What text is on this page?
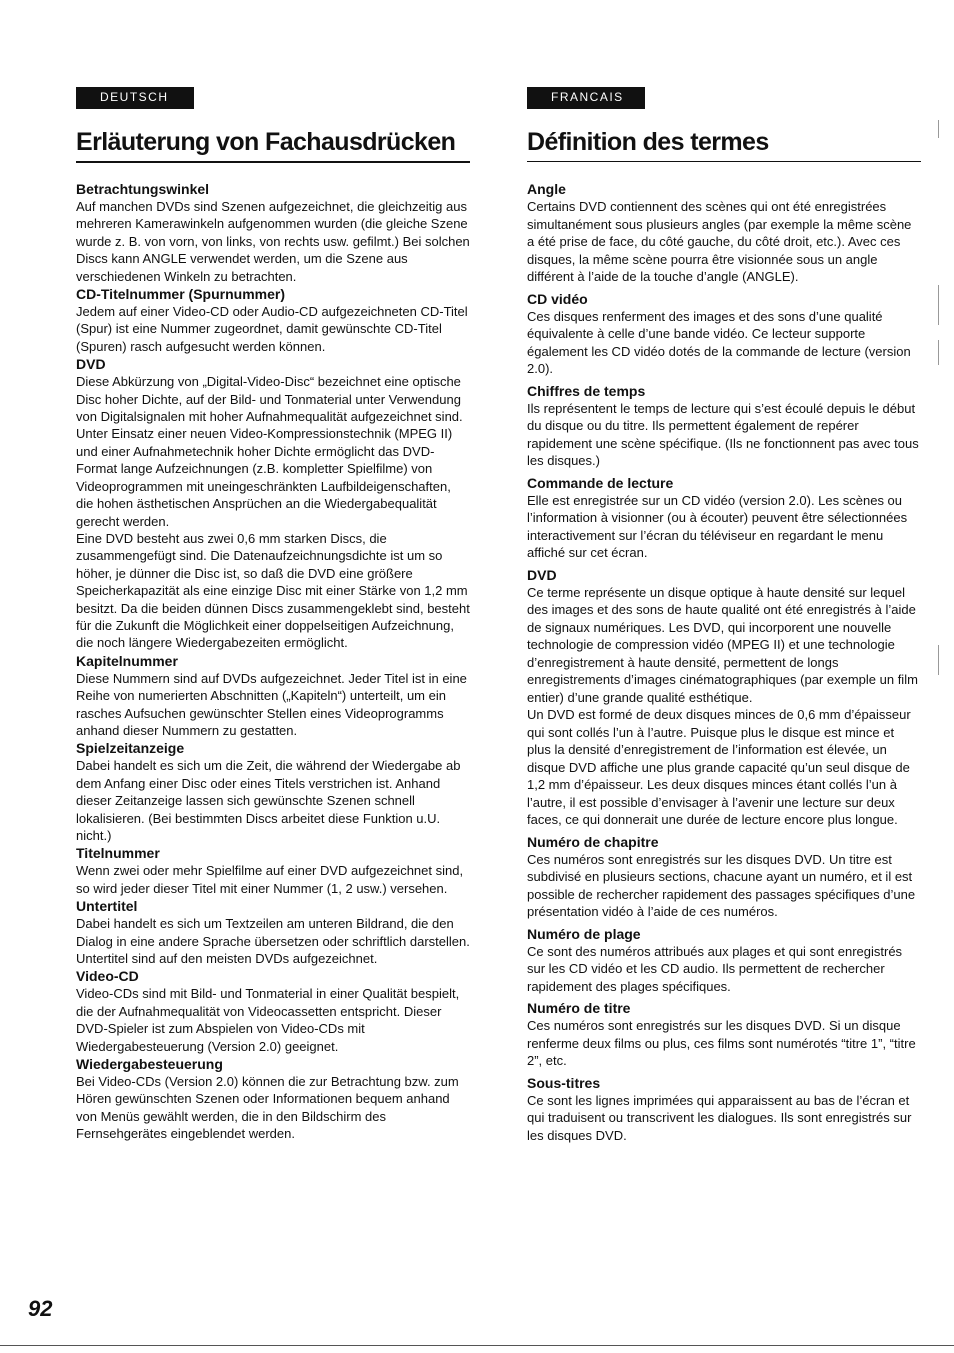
DEUTSCH
Erläuterung von Fachausdrücken
Betrachtungswinkel

Auf manchen DVDs sind Szenen aufgezeichnet, die gleichzeitig aus mehreren Kamerawinkeln aufgenommen wurden (die gleiche Szene wurde z. B. von vorn, von links, von rechts usw. gefilmt.) Bei solchen Discs kann ANGLE verwendet werden, um die Szene aus verschiedenen Winkeln zu betrachten.

CD-Titelnummer (Spurnummer)

Jedem auf einer Video-CD oder Audio-CD aufgezeichneten CD-Titel (Spur) ist eine Nummer zugeordnet, damit gewünschte CD-Titel (Spuren) rasch aufgesucht werden können.

DVD

Diese Abkürzung von „Digital-Video-Disc“ bezeichnet eine optische Disc hoher Dichte, auf der Bild- und Tonmaterial unter Verwendung von Digitalsignalen mit hoher Aufnahmequalität aufgezeichnet sind. Unter Einsatz einer neuen Video-Kompressionstechnik (MPEG II) und einer Aufnahmetechnik hoher Dichte ermöglicht das DVD-Format lange Aufzeichnungen (z.B. kompletter Spielfilme) von Videoprogrammen mit uneingeschränkten Laufbildeigenschaften, die hohen ästhetischen Ansprüchen an die Wiedergabequalität gerecht werden.

Eine DVD besteht aus zwei 0,6 mm starken Discs, die zusammengefügt sind. Die Datenaufzeichnungsdichte ist um so höher, je dünner die Disc ist, so daß die DVD eine größere Speicherkapazität als eine einzige Disc mit einer Stärke von 1,2 mm besitzt. Da die beiden dünnen Discs zusammengeklebt sind, besteht für die Zukunft die Möglichkeit einer doppelseitigen Aufzeichnung, die noch längere Wiedergabezeiten ermöglicht.

Kapitelnummer

Diese Nummern sind auf DVDs aufgezeichnet. Jeder Titel ist in eine Reihe von numerierten Abschnitten („Kapiteln“) unterteilt, um ein rasches Aufsuchen gewünschter Stellen eines Videoprogramms anhand dieser Nummern zu gestatten.

Spielzeitanzeige

Dabei handelt es sich um die Zeit, die während der Wiedergabe ab dem Anfang einer Disc oder eines Titels verstrichen ist. Anhand dieser Zeitanzeige lassen sich gewünschte Szenen schnell lokalisieren. (Bei bestimmten Discs arbeitet diese Funktion u.U. nicht.)

Titelnummer

Wenn zwei oder mehr Spielfilme auf einer DVD aufgezeichnet sind, so wird jeder dieser Titel mit einer Nummer (1, 2 usw.) versehen.

Untertitel

Dabei handelt es sich um Textzeilen am unteren Bildrand, die den Dialog in eine andere Sprache übersetzen oder schriftlich darstellen. Untertitel sind auf den meisten DVDs aufgezeichnet.

Video-CD

Video-CDs sind mit Bild- und Tonmaterial in einer Qualität bespielt, die der Aufnahmequalität von Videocassetten entspricht. Dieser DVD-Spieler ist zum Abspielen von Video-CDs mit Wiedergabesteuerung (Version 2.0) geeignet.

Wiedergabesteuerung

Bei Video-CDs (Version 2.0) können die zur Betrachtung bzw. zum Hören gewünschten Szenen oder Informationen bequem anhand von Menüs gewählt werden, die in den Bildschirm des Fernsehgerätes eingeblendet werden.

FRANCAIS
Définition des termes
Angle

Certains DVD contiennent des scènes qui ont été enregistrées simultanément sous plusieurs angles (par exemple la même scène a été prise de face, du côté gauche, du côté droit, etc.). Avec ces disques, la même scène pourra être visionnée sous un angle différent à l’aide de la touche d’angle (ANGLE).

CD vidéo

Ces disques renferment des images et des sons d’une qualité équivalente à celle d’une bande vidéo. Ce lecteur supporte également les CD vidéo dotés de la commande de lecture (version 2.0).

Chiffres de temps

Ils représentent le temps de lecture qui s’est écoulé depuis le début du disque ou du titre. Ils permettent également de repérer rapidement une scène spécifique. (Ils ne fonctionnent pas avec tous les disques.)

Commande de lecture

Elle est enregistrée sur un CD vidéo (version 2.0). Les scènes ou l’information à visionner (ou à écouter) peuvent être sélectionnées interactivement sur l’écran du téléviseur en regardant le menu affiché sur cet écran.

DVD

Ce terme représente un disque optique à haute densité sur lequel des images et des sons de haute qualité ont été enregistrés à l’aide de signaux numériques. Les DVD, qui incorporent une nouvelle technologie de compression vidéo (MPEG II) et une technologie d’enregistrement à haute densité, permettent de longs enregistrements d’images cinématographiques (par exemple un film entier) d’une grande qualité esthétique.

Un DVD est formé de deux disques minces de 0,6 mm d’épaisseur qui sont collés l’un à l’autre. Puisque plus le disque est mince et plus la densité d’enregistrement de l’information est élevée, un disque DVD affiche une plus grande capacité qu’un seul disque de 1,2 mm d’épaisseur. Les deux disques minces étant collés l’un à l’autre, il est possible d’envisager à l’avenir une lecture sur deux faces, ce qui donnerait une durée de lecture encore plus longue.

Numéro de chapitre

Ces numéros sont enregistrés sur les disques DVD. Un titre est subdivisé en plusieurs sections, chacune ayant un numéro, et il est possible de rechercher rapidement des passages spécifiques d’une présentation vidéo à l’aide de ces numéros.

Numéro de plage

Ce sont des numéros attribués aux plages et qui sont enregistrés sur les CD vidéo et les CD audio. Ils permettent de rechercher rapidement des plages spécifiques.

Numéro de titre

Ces numéros sont enregistrés sur les disques DVD. Si un disque renferme deux films ou plus, ces films sont numérotés “titre 1”, “titre 2”, etc.

Sous-titres

Ce sont les lignes imprimées qui apparaissent au bas de l’écran et qui traduisent ou transcrivent les dialogues. Ils sont enregistrés sur les disques DVD.

92
